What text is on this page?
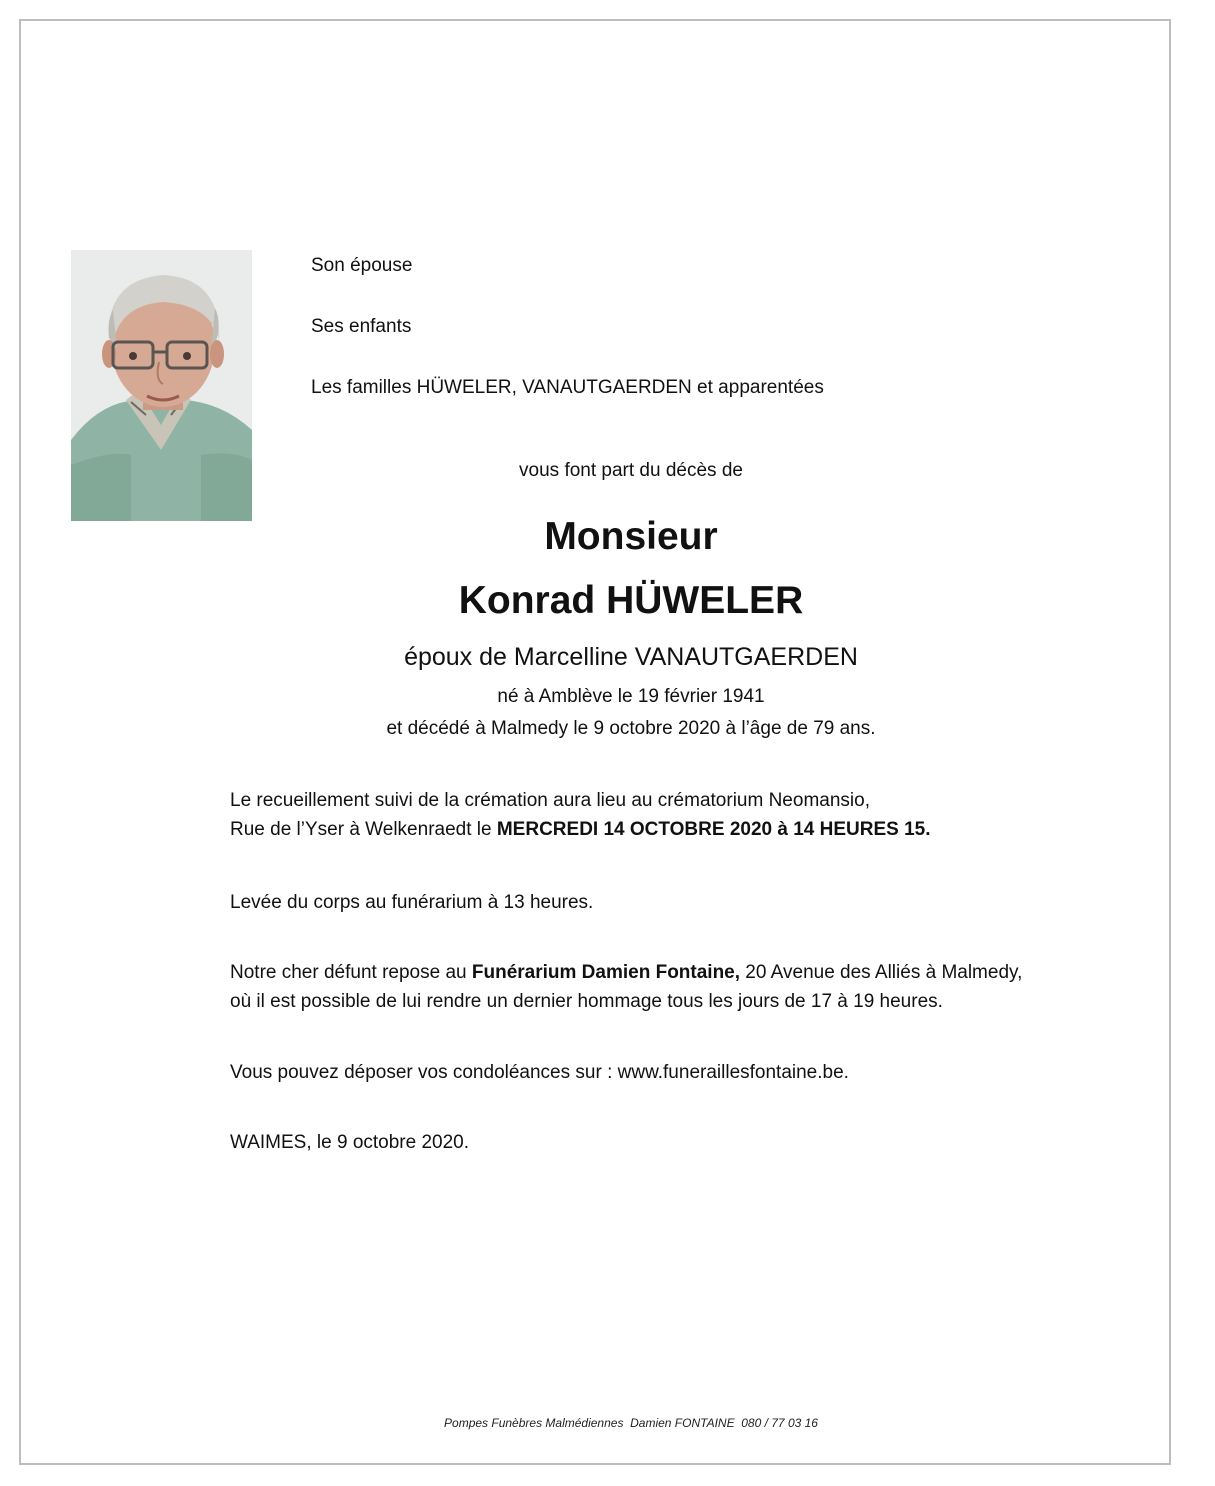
Son épouse
Ses enfants
Les familles HÜWELER, VANAUTGAERDEN et apparentées
vous font part du décès de
Monsieur
Konrad HÜWELER
époux de Marcelline VANAUTGAERDEN
né à Amblève le 19 février 1941
et décédé à Malmedy le 9 octobre 2020 à l’âge de 79 ans.
Le recueillement suivi de la crémation aura lieu au crématorium Neomansio,
Rue de l’Yser à Welkenraedt le MERCREDI 14 OCTOBRE 2020 à 14 HEURES 15.
Levée du corps au funérarium à 13 heures.
Notre cher défunt repose au Funérarium Damien Fontaine, 20 Avenue des Alliés à Malmedy,
où il est possible de lui rendre un dernier hommage tous les jours de 17 à 19 heures.
Vous pouvez déposer vos condoléances sur : www.funeraillesfontaine.be.
WAIMES, le 9 octobre 2020.
Pompes Funèbres Malmédiennes  Damien FONTAINE  080 / 77 03 16
